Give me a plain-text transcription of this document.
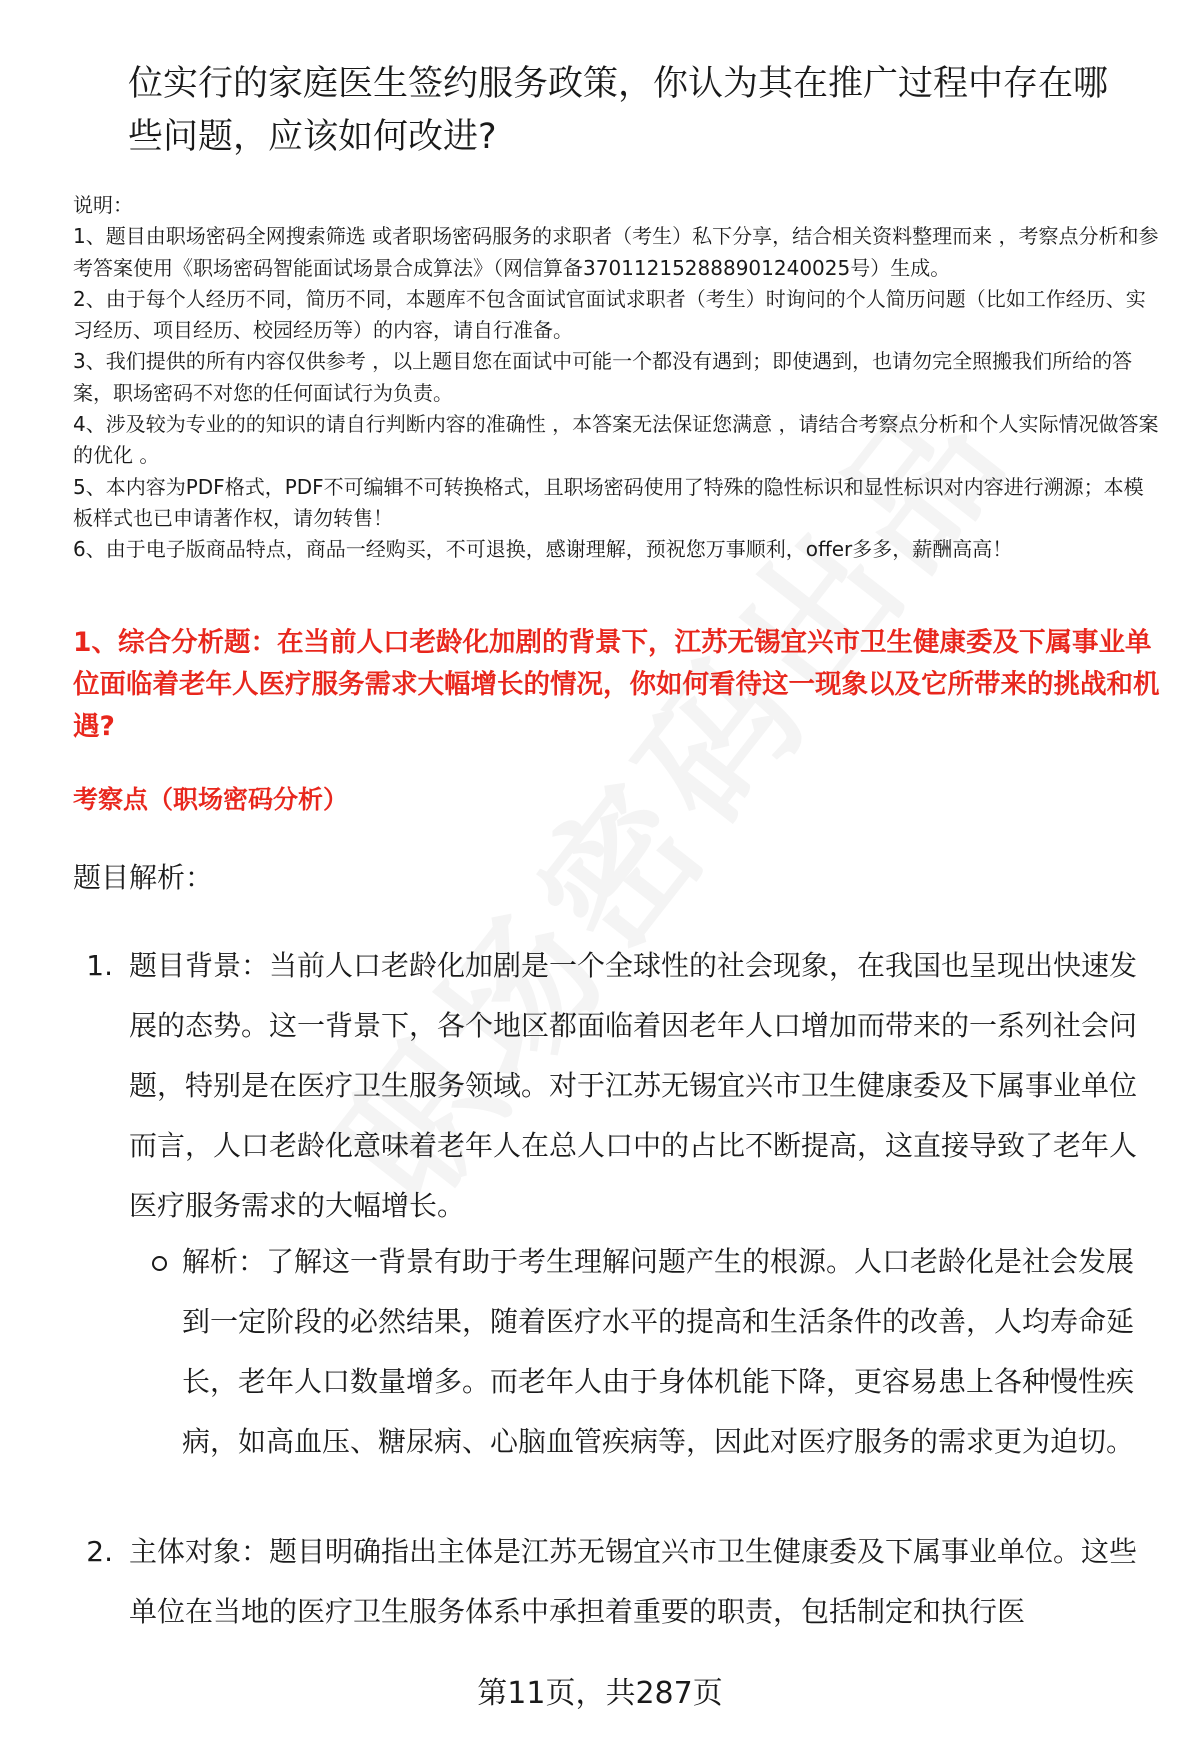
位实行的家庭医生签约服务政策，你认为其在推广过程中存在哪些问题，应该如何改进?

说明：

1、题目由职场密码全网搜索筛选 或者职场密码服务的求职者（考生）私下分享，结合相关资料整理而来 ，考察点分析和参考答案使用《职场密码智能面试场景合成算法》（网信算备370112152888901240025号）生成。

2、由于每个人经历不同，简历不同，本题库不包含面试官面试求职者（考生）时询问的个人简历问题（比如工作经历、实习经历、项目经历、校园经历等）的内容，请自行准备。

3、我们提供的所有内容仅供参考 ，以上题目您在面试中可能一个都没有遇到；即使遇到，也请勿完全照搬我们所给的答案，职场密码不对您的任何面试行为负责。

4、涉及较为专业的的知识的请自行判断内容的准确性 ，本答案无法保证您满意 ，请结合考察点分析和个人实际情况做答案的优化 。

5、本内容为PDF格式，PDF不可编辑不可转换格式，且职场密码使用了特殊的隐性标识和显性标识对内容进行溯源；本模板样式也已申请著作权，请勿转售！

6、由于电子版商品特点，商品一经购买，不可退换，感谢理解，预祝您万事顺利，offer多多，薪酬高高！

1、综合分析题：在当前人口老龄化加剧的背景下，江苏无锡宜兴市卫生健康委及下属事业单位面临着老年人医疗服务需求大幅增长的情况，你如何看待这一现象以及它所带来的挑战和机遇?
考察点（职场密码分析）
题目解析：
1. 题目背景：当前人口老龄化加剧是一个全球性的社会现象，在我国也呈现出快速发展的态势。这一背景下，各个地区都面临着因老年人口增加而带来的一系列社会问题，特别是在医疗卫生服务领域。对于江苏无锡宜兴市卫生健康委及下属事业单位而言，人口老龄化意味着老年人在总人口中的占比不断提高，这直接导致了老年人医疗服务需求的大幅增长。
解析：了解这一背景有助于考生理解问题产生的根源。人口老龄化是社会发展到一定阶段的必然结果，随着医疗水平的提高和生活条件的改善，人均寿命延长，老年人口数量增多。而老年人由于身体机能下降，更容易患上各种慢性疾病，如高血压、糖尿病、心脑血管疾病等，因此对医疗服务的需求更为迫切。
2. 主体对象：题目明确指出主体是江苏无锡宜兴市卫生健康委及下属事业单位。这些单位在当地的医疗卫生服务体系中承担着重要的职责，包括制定和执行医
第11页，共287页
